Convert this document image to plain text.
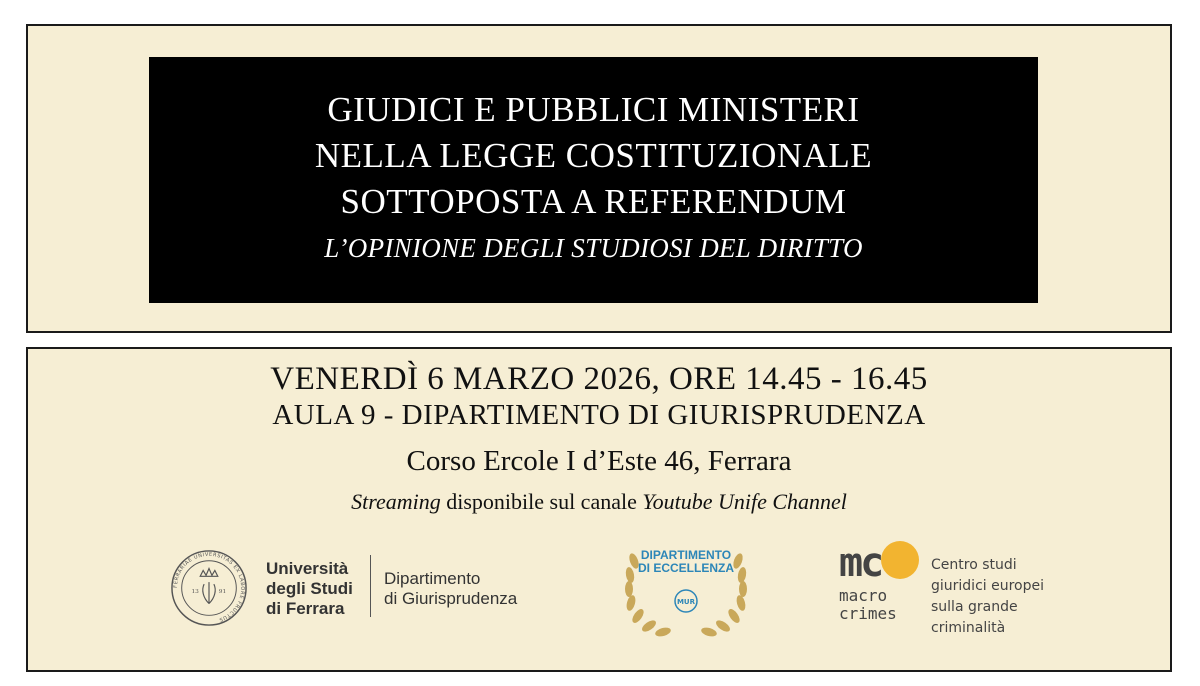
GIUDICI E PUBBLICI MINISTERI
NELLA LEGGE COSTITUZIONALE
SOTTOPOSTA A REFERENDUM
L’OPINIONE DEGLI STUDIOSI DEL DIRITTO
VENERDÌ 6 MARZO 2026, ORE 14.45 - 16.45
AULA 9 - DIPARTIMENTO DI GIURISPRUDENZA
Corso Ercole I d’Este 46, Ferrara
Streaming disponibile sul canale Youtube Unife Channel
FERRARIAE UNIVERSITAS EX LABORE FRUCTUS
13	91
Università
degli Studi
di Ferrara
Dipartimento
di Giurisprudenza	MUR
DIPARTIMENTO
DI ECCELLENZA	mc
macro
crimes
Centro studi
giuridici europei
sulla grande
criminalità
